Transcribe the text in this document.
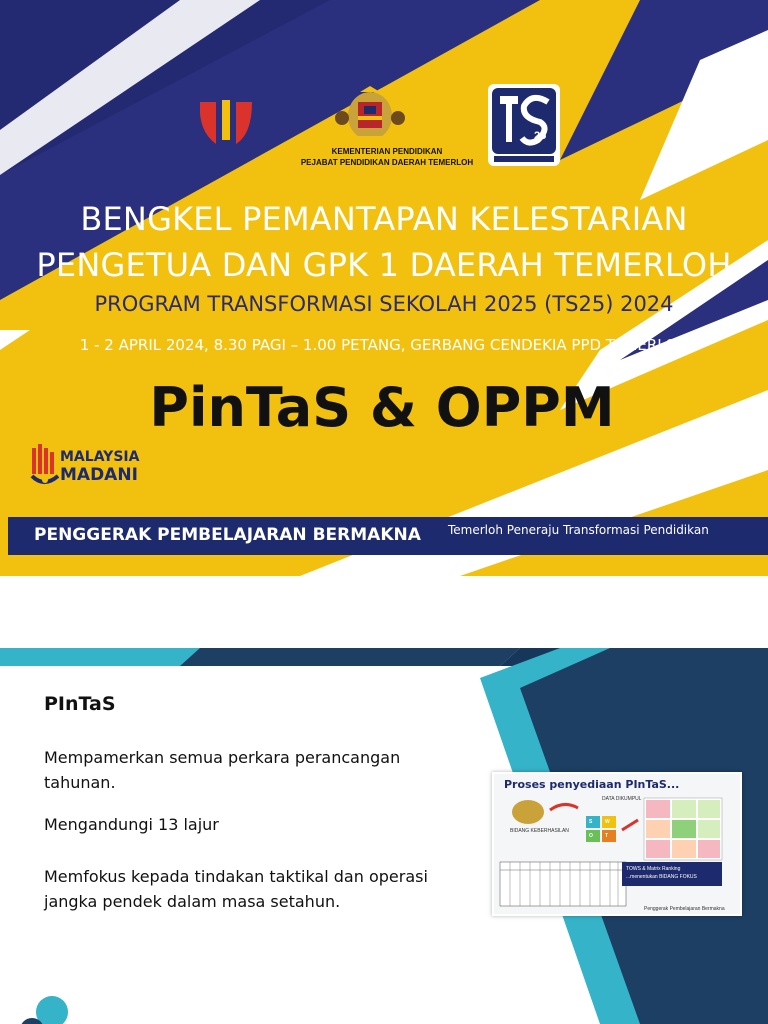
KEMENTERIAN PENDIDIKAN
PEJABAT PENDIDIKAN DAERAH TEMERLOH
25
BENGKEL PEMANTAPAN KELESTARIAN
PENGETUA DAN GPK 1 DAERAH TEMERLOH
PROGRAM TRANSFORMASI SEKOLAH 2025 (TS25) 2024
1 - 2 APRIL 2024, 8.30 PAGI – 1.00 PETANG, GERBANG CENDEKIA PPD TEMERLOH
PinTaS & OPPM
MALAYSIA
MADANI
PENGGERAK PEMBELAJARAN BERMAKNA Temerloh Peneraju Transformasi Pendidikan
PInTaS
Mempamerkan semua perkara perancangan tahunan.
Mengandungi 13 lajur
Memfokus kepada tindakan taktikal dan operasi jangka pendek dalam masa setahun.
Proses penyediaan PInTaS...
DATA DIKUMPUL
BIDANG KEBERHASILAN
S	W
O T
TOWS & Matrix Ranking
...menentukan BIDANG FOKUS
Penggerak Pembelajaran Bermakna
